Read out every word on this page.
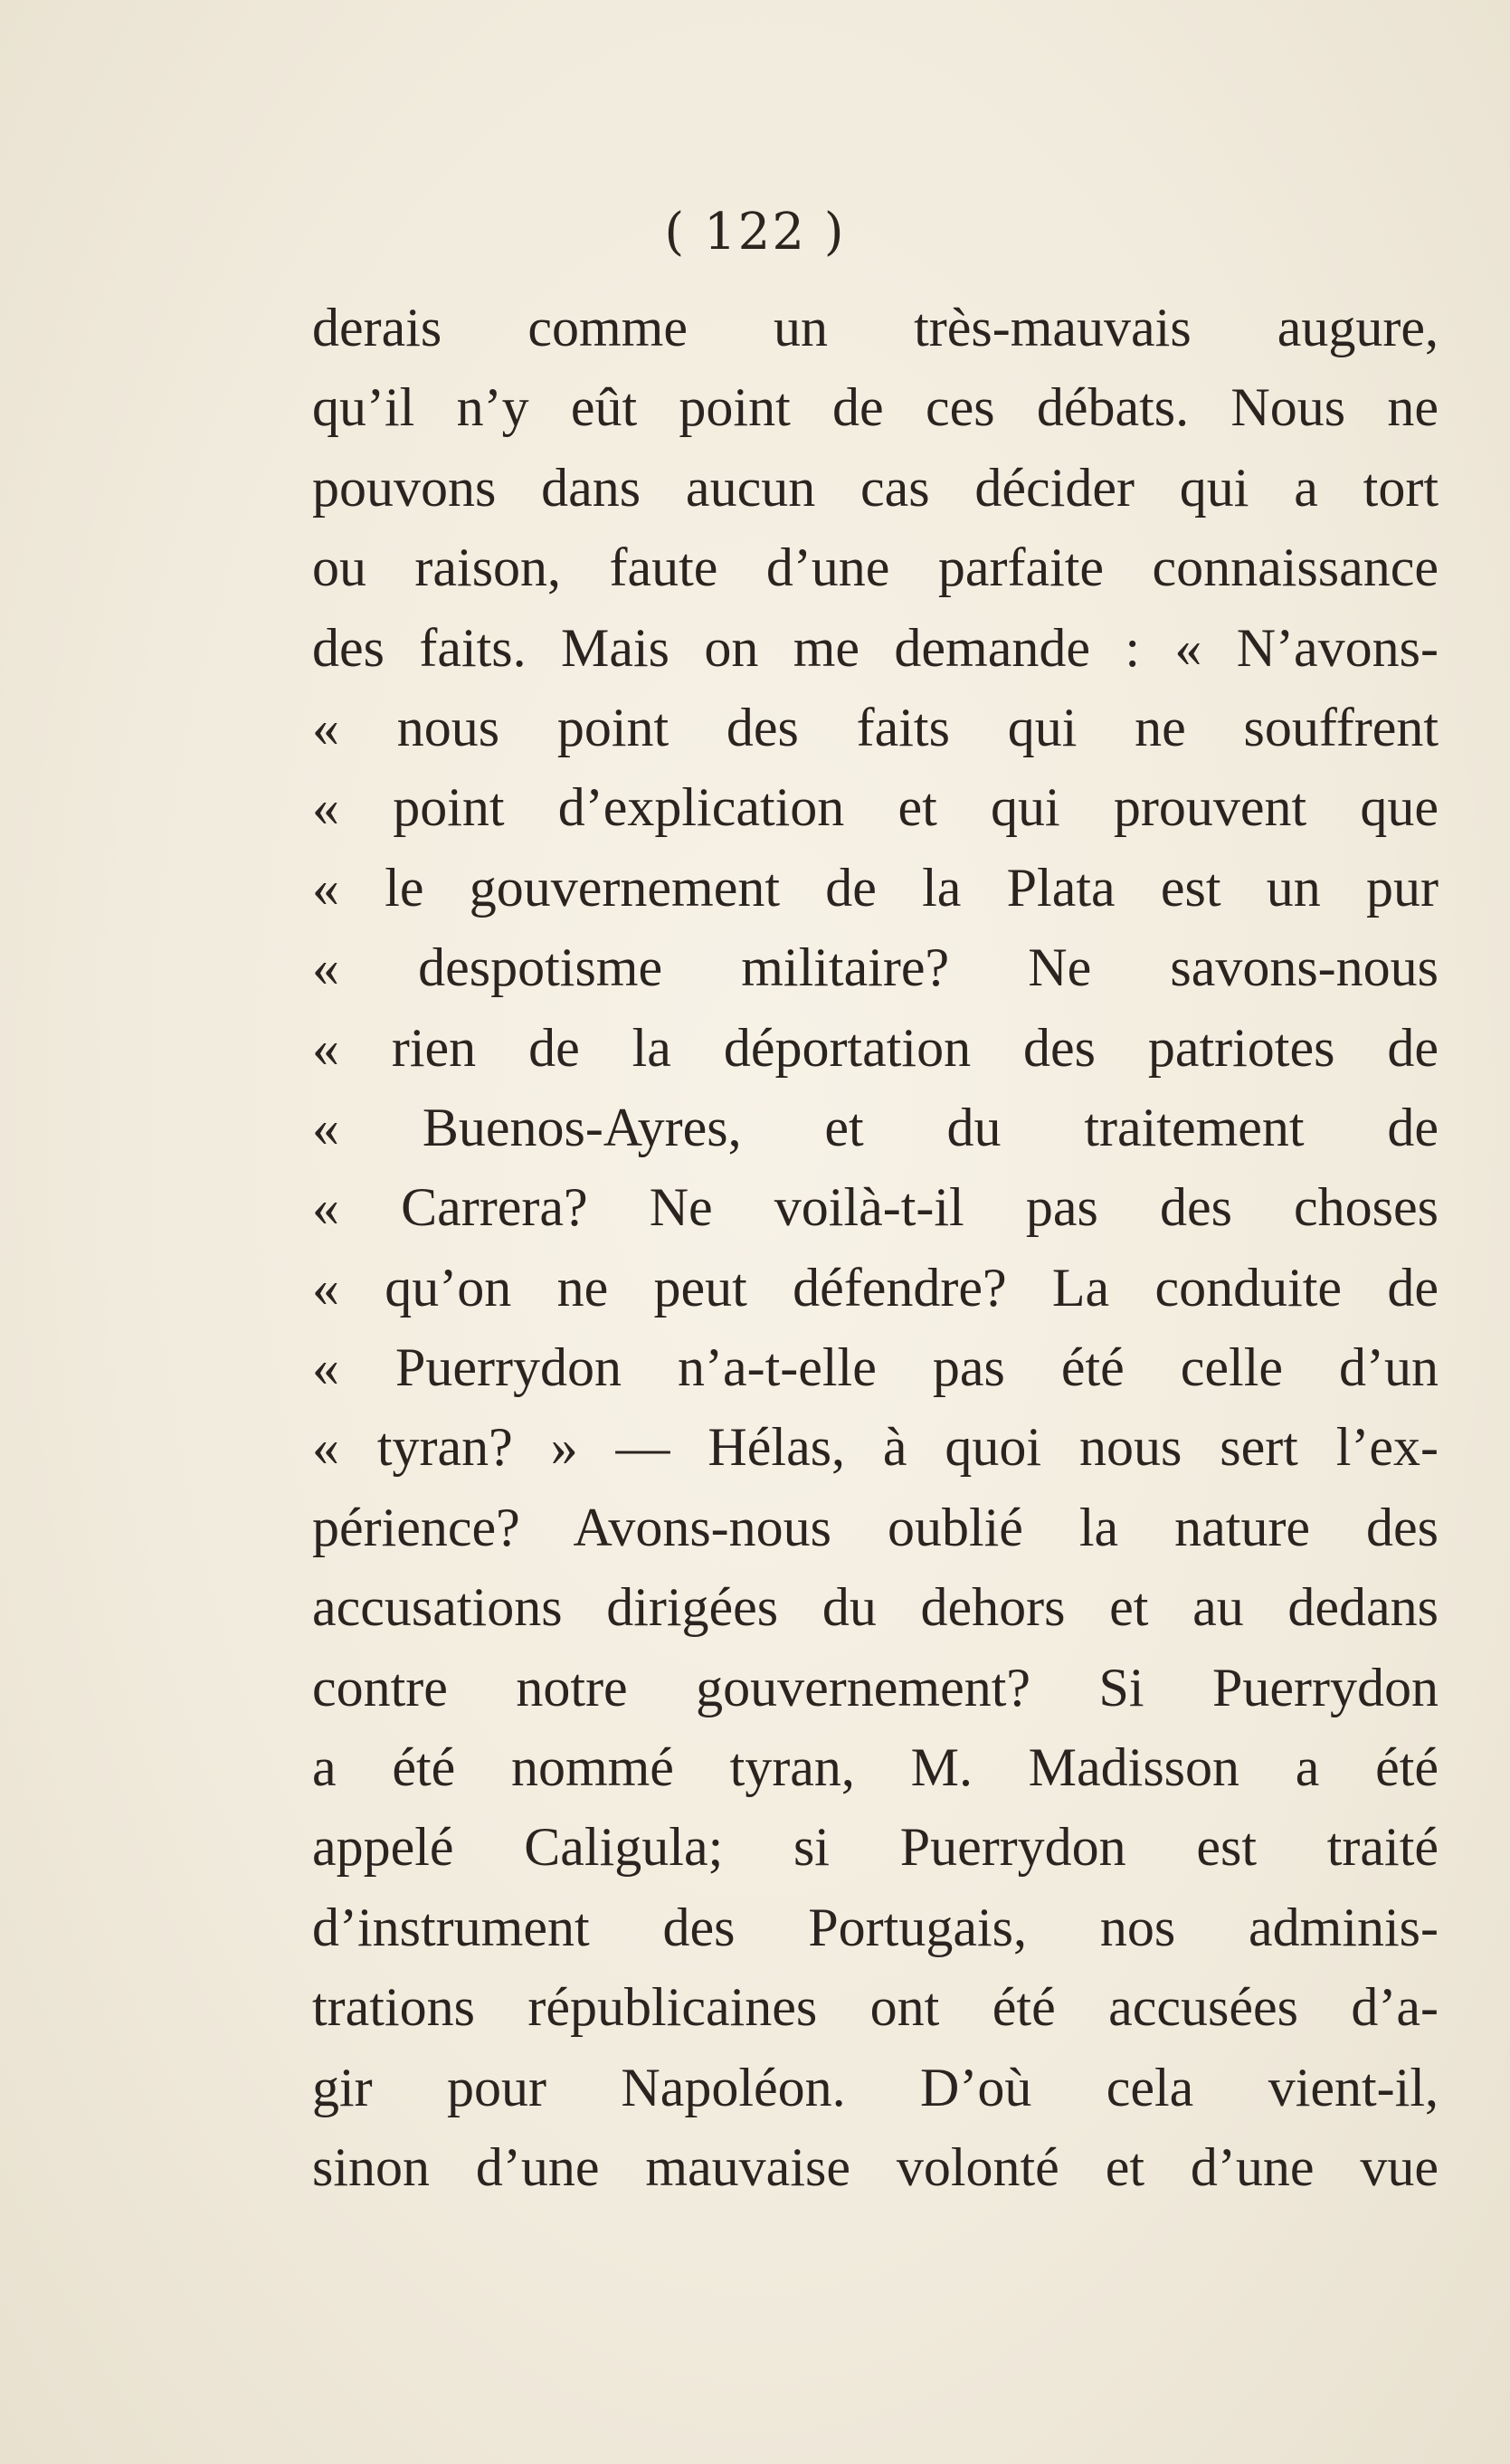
( 122 )
derais comme un très-mauvais augure,
qu’il n’y eût point de ces débats. Nous ne
pouvons dans aucun cas décider qui a tort
ou raison, faute d’une parfaite connaissance
des faits. Mais on me demande : « N’avons-
« nous point des faits qui ne souffrent
« point d’explication et qui prouvent que
« le gouvernement de la Plata est un pur
« despotisme militaire? Ne savons-nous
« rien de la déportation des patriotes de
« Buenos-Ayres, et du traitement de
« Carrera? Ne voilà-t-il pas des choses
« qu’on ne peut défendre? La conduite de
« Puerrydon n’a-t-elle pas été celle d’un
« tyran? » — Hélas, à quoi nous sert l’ex-
périence? Avons-nous oublié la nature des
accusations dirigées du dehors et au dedans
contre notre gouvernement? Si Puerrydon
a été nommé tyran, M. Madisson a été
appelé Caligula; si Puerrydon est traité
d’instrument des Portugais, nos adminis-
trations républicaines ont été accusées d’a-
gir pour Napoléon. D’où cela vient-il,
sinon d’une mauvaise volonté et d’une vue
